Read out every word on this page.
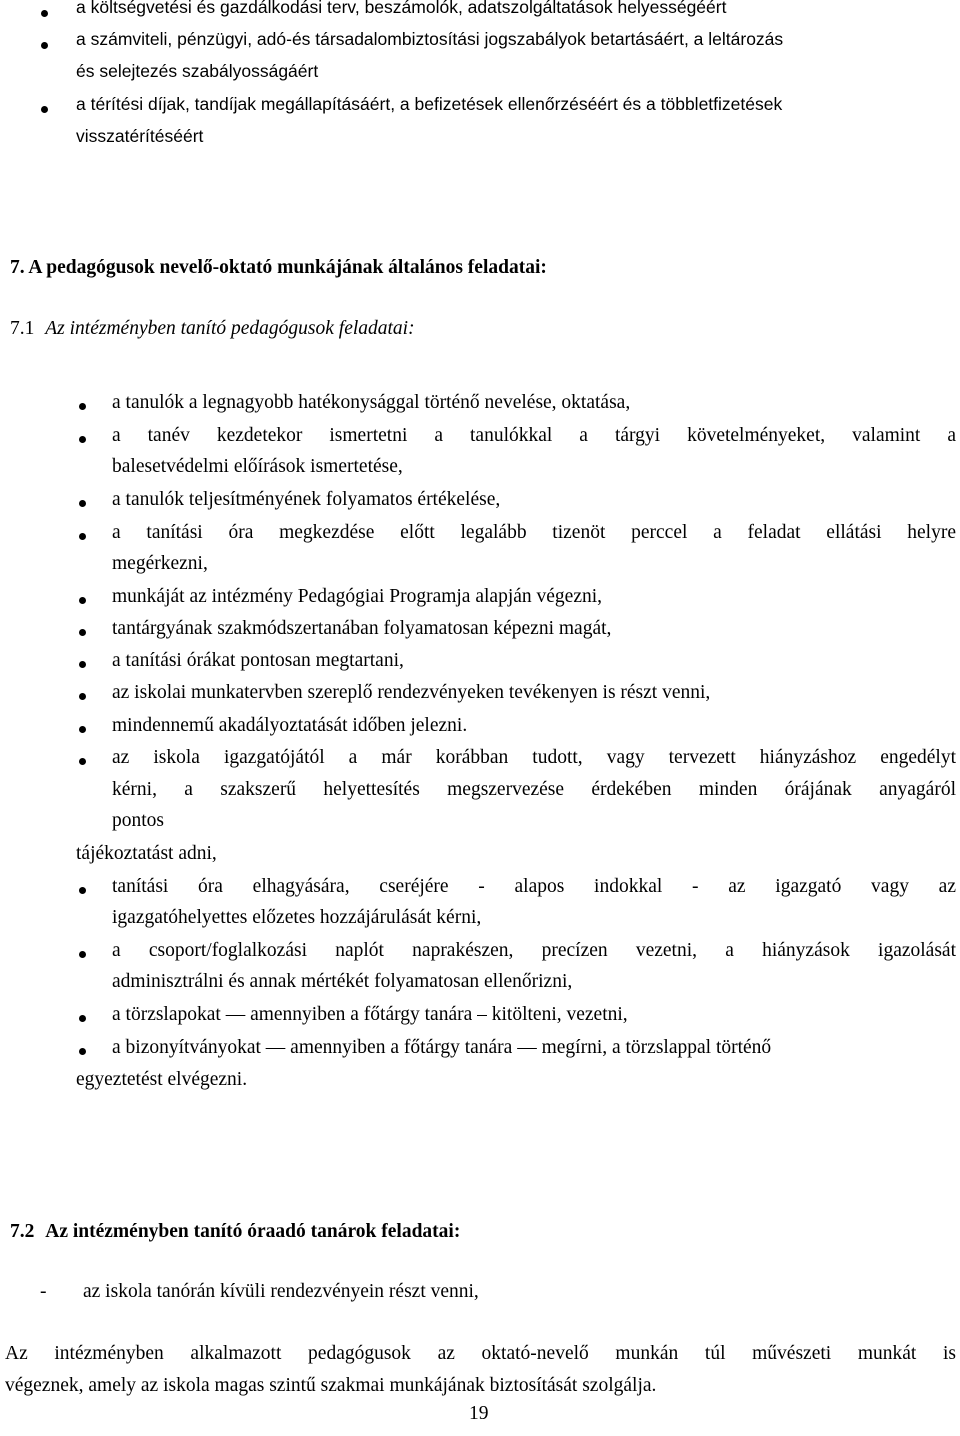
a költségvetési és gazdálkodási terv, beszámolók, adatszolgáltatások helyességéért
a számviteli, pénzügyi, adó-és társadalombiztosítási jogszabályok betartásáért, a leltározás
és selejtezés szabályosságáért
a térítési díjak, tandíjak megállapításáért, a befizetések ellenőrzéséért és a többletfizetések
visszatérítéséért
7. A pedagógusok nevelő-oktató munkájának általános feladatai:
7.1 Az intézményben tanító pedagógusok feladatai:
a tanulók a legnagyobb hatékonysággal történő nevelése, oktatása,
a tanév kezdetekor ismertetni a tanulókkal a tárgyi követelményeket, valamint a
balesetvédelmi előírások ismertetése,
a tanulók teljesítményének folyamatos értékelése,
a tanítási óra megkezdése előtt legalább tizenöt perccel a feladat ellátási helyre
megérkezni,
munkáját az intézmény Pedagógiai Programja alapján végezni,
tantárgyának szakmódszertanában folyamatosan képezni magát,
a tanítási órákat pontosan megtartani,
az iskolai munkatervben szereplő rendezvényeken tevékenyen is részt venni,
mindennemű akadályoztatását időben jelezni.
az iskola igazgatójától a már korábban tudott, vagy tervezett hiányzáshoz engedélyt
kérni, a szakszerű helyettesítés megszervezése érdekében minden órájának anyagáról
pontos
tájékoztatást adni,
tanítási óra elhagyására, cseréjére - alapos indokkal - az igazgató vagy az
igazgatóhelyettes előzetes hozzájárulását kérni,
a csoport/foglalkozási naplót naprakészen, precízen vezetni, a hiányzások igazolását
adminisztrálni és annak mértékét folyamatosan ellenőrizni,
a törzslapokat — amennyiben a főtárgy tanára – kitölteni, vezetni,
a bizonyítványokat — amennyiben a főtárgy tanára — megírni, a törzslappal történő
egyeztetést elvégezni.
7.2 Az intézményben tanító óraadó tanárok feladatai:
- az iskola tanórán kívüli rendezvényein részt venni,
Az intézményben alkalmazott pedagógusok az oktató-nevelő munkán túl művészeti munkát is
végeznek, amely az iskola magas szintű szakmai munkájának biztosítását szolgálja.
19
